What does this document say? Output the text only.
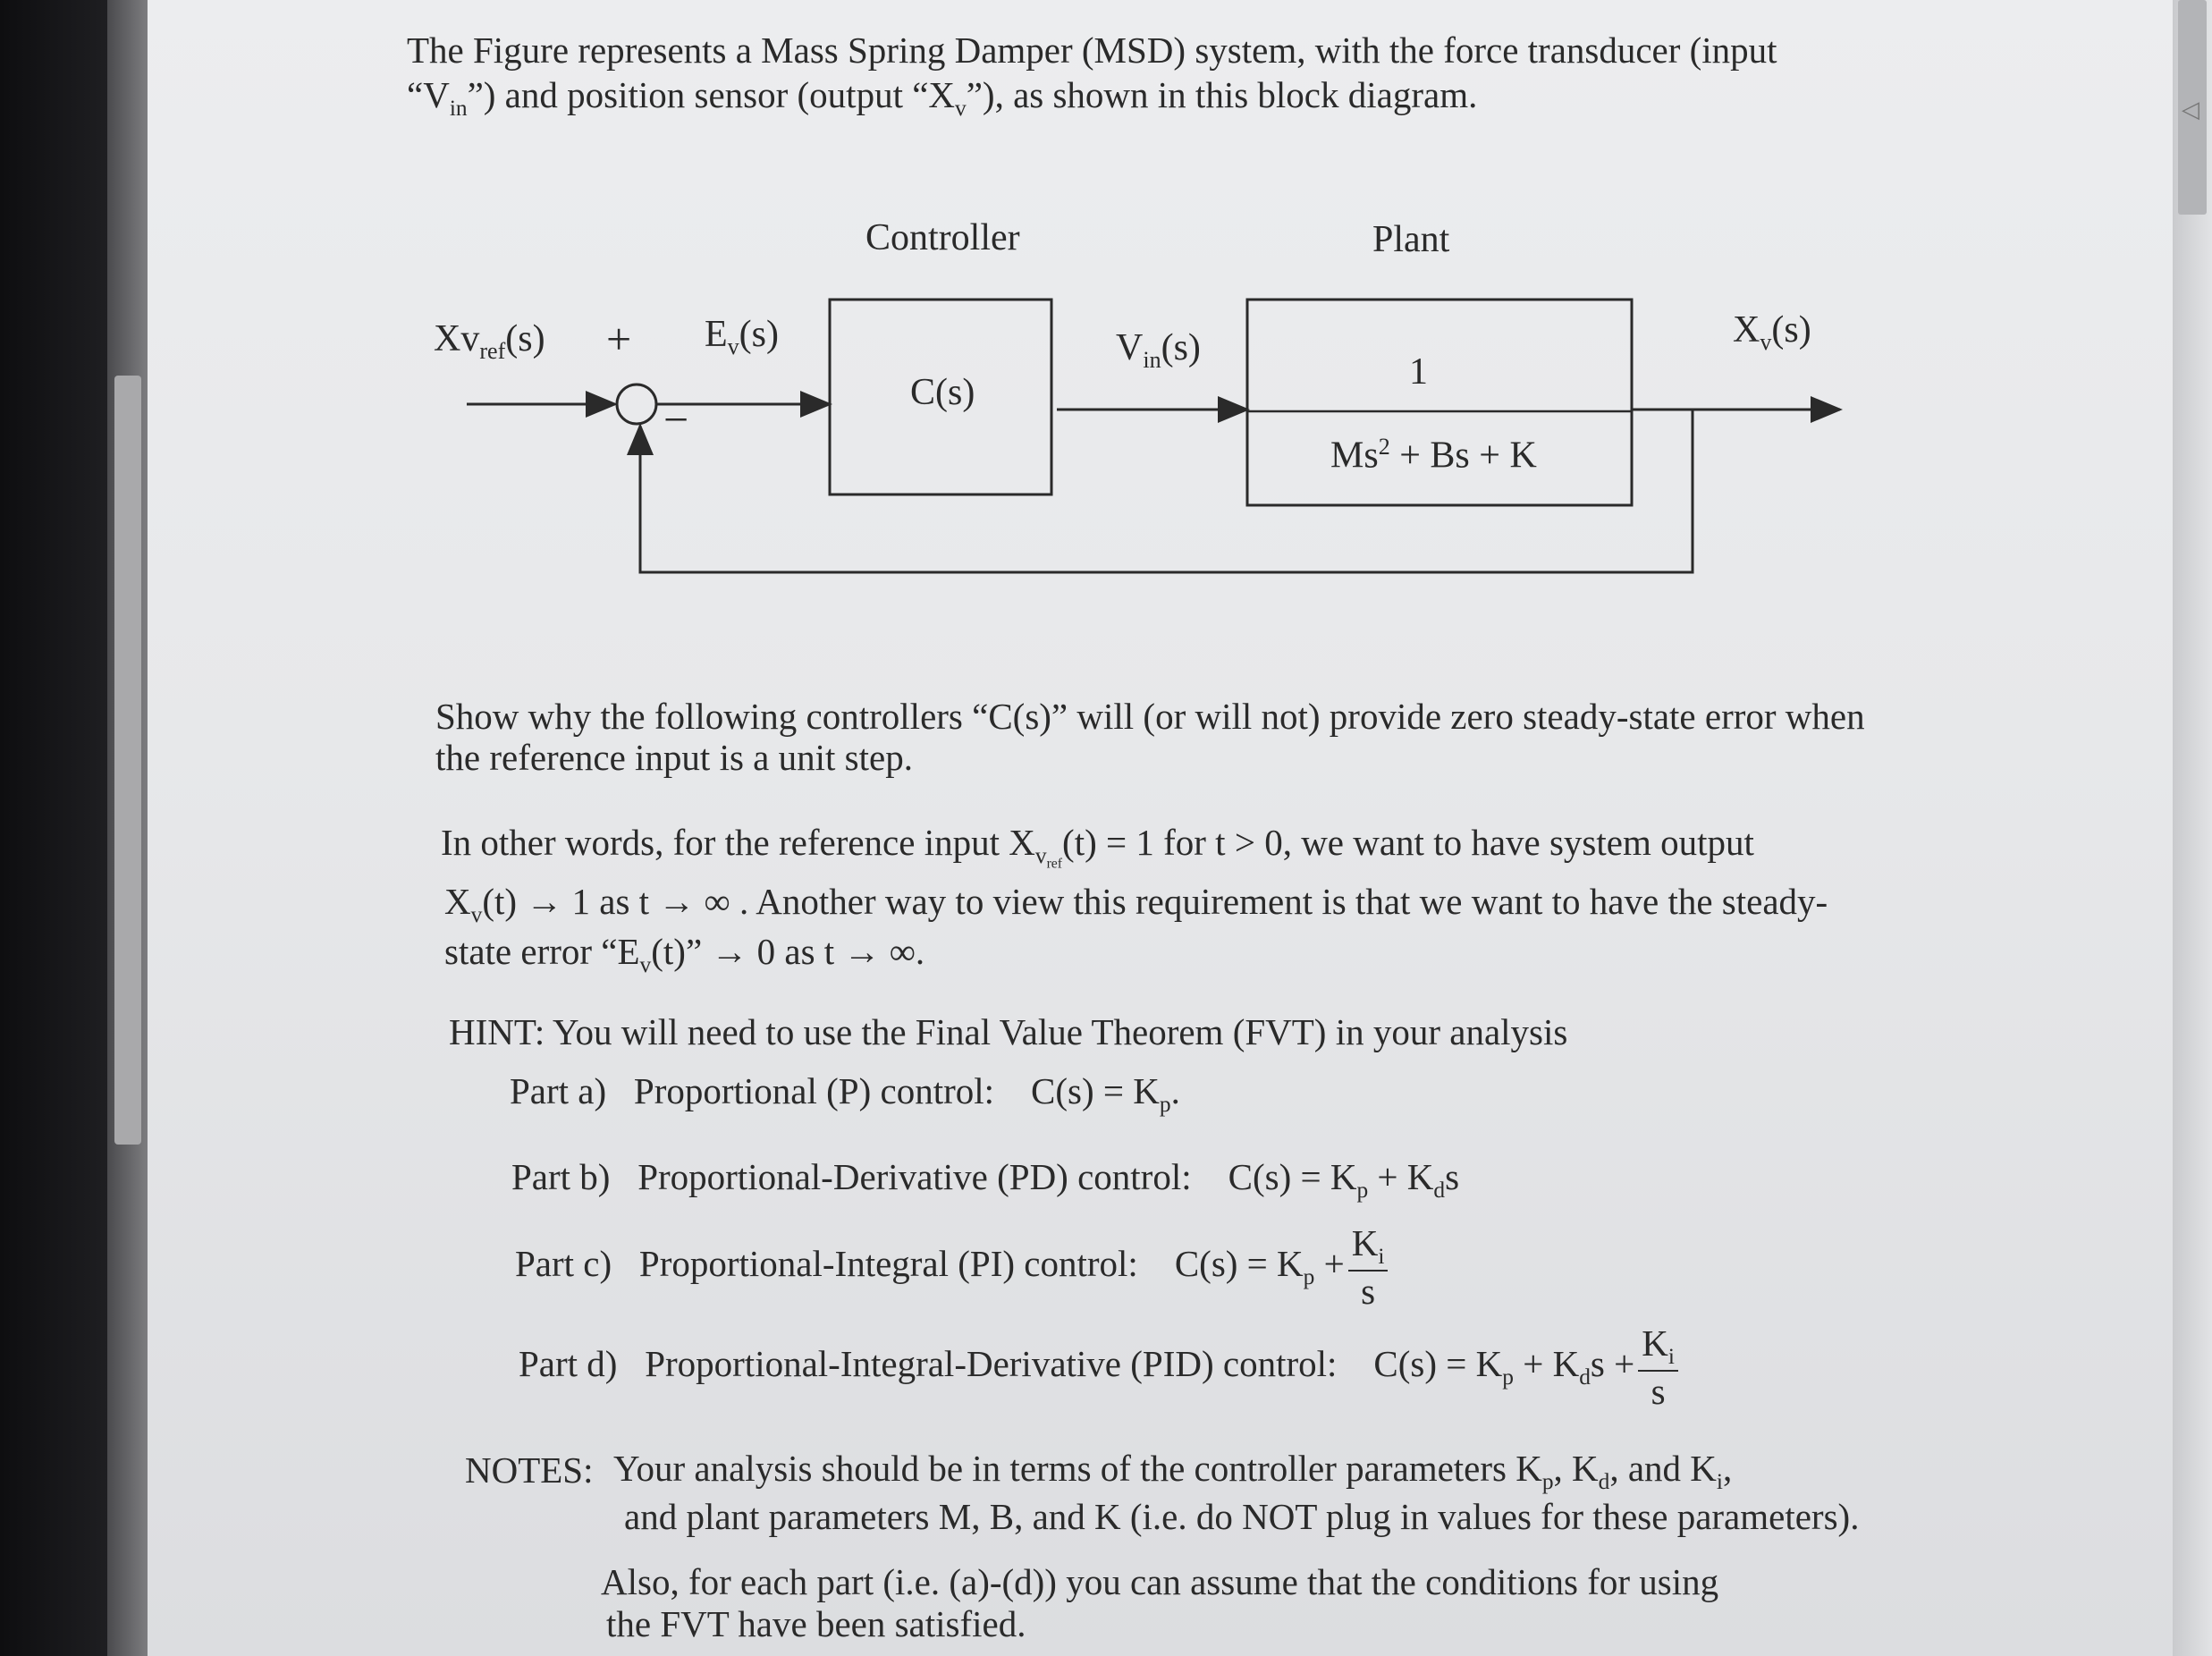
◁
The Figure represents a Mass Spring Damper (MSD) system, with the force transducer (input
“$V_{in}$”) and position sensor (output “$X_v$”), as shown in this block diagram.
Controller	Plant
$Xv_{ref}(s)$ +
−
$E_v(s)$
C(s)
$V_{in}(s)$
1
$Ms^2 + Bs + K$
$X_v(s)$
Show why the following controllers “C(s)” will (or will not) provide zero steady-state error when
the reference input is a unit step.
In other words, for the reference input $X_{v_{ref}}(t) = 1$ for t > 0, we want to have system output
$X_v(t) \to 1$ as t → ∞ . Another way to view this requirement is that we want to have the steady-
state error “$E_v(t)$” → 0 as t → ∞.
HINT: You will need to use the Final Value Theorem (FVT) in your analysis
Part a) Proportional (P) control: $C(s) = K_p$.
Part b) Proportional-Derivative (PD) control: $C(s) = K_p + K_ds$
Part c) Proportional-Integral (PI) control: $C(s) = K_p + \frac{K_i}{s}$
Part d) Proportional-Integral-Derivative (PID) control: $C(s) = K_p + K_ds + \frac{K_i}{s}$
NOTES: Your analysis should be in terms of the controller parameters $K_p$, $K_d$, and $K_i$,
and plant parameters M, B, and K (i.e. do NOT plug in values for these parameters).
Also, for each part (i.e. (a)-(d)) you can assume that the conditions for using
the FVT have been satisfied.
